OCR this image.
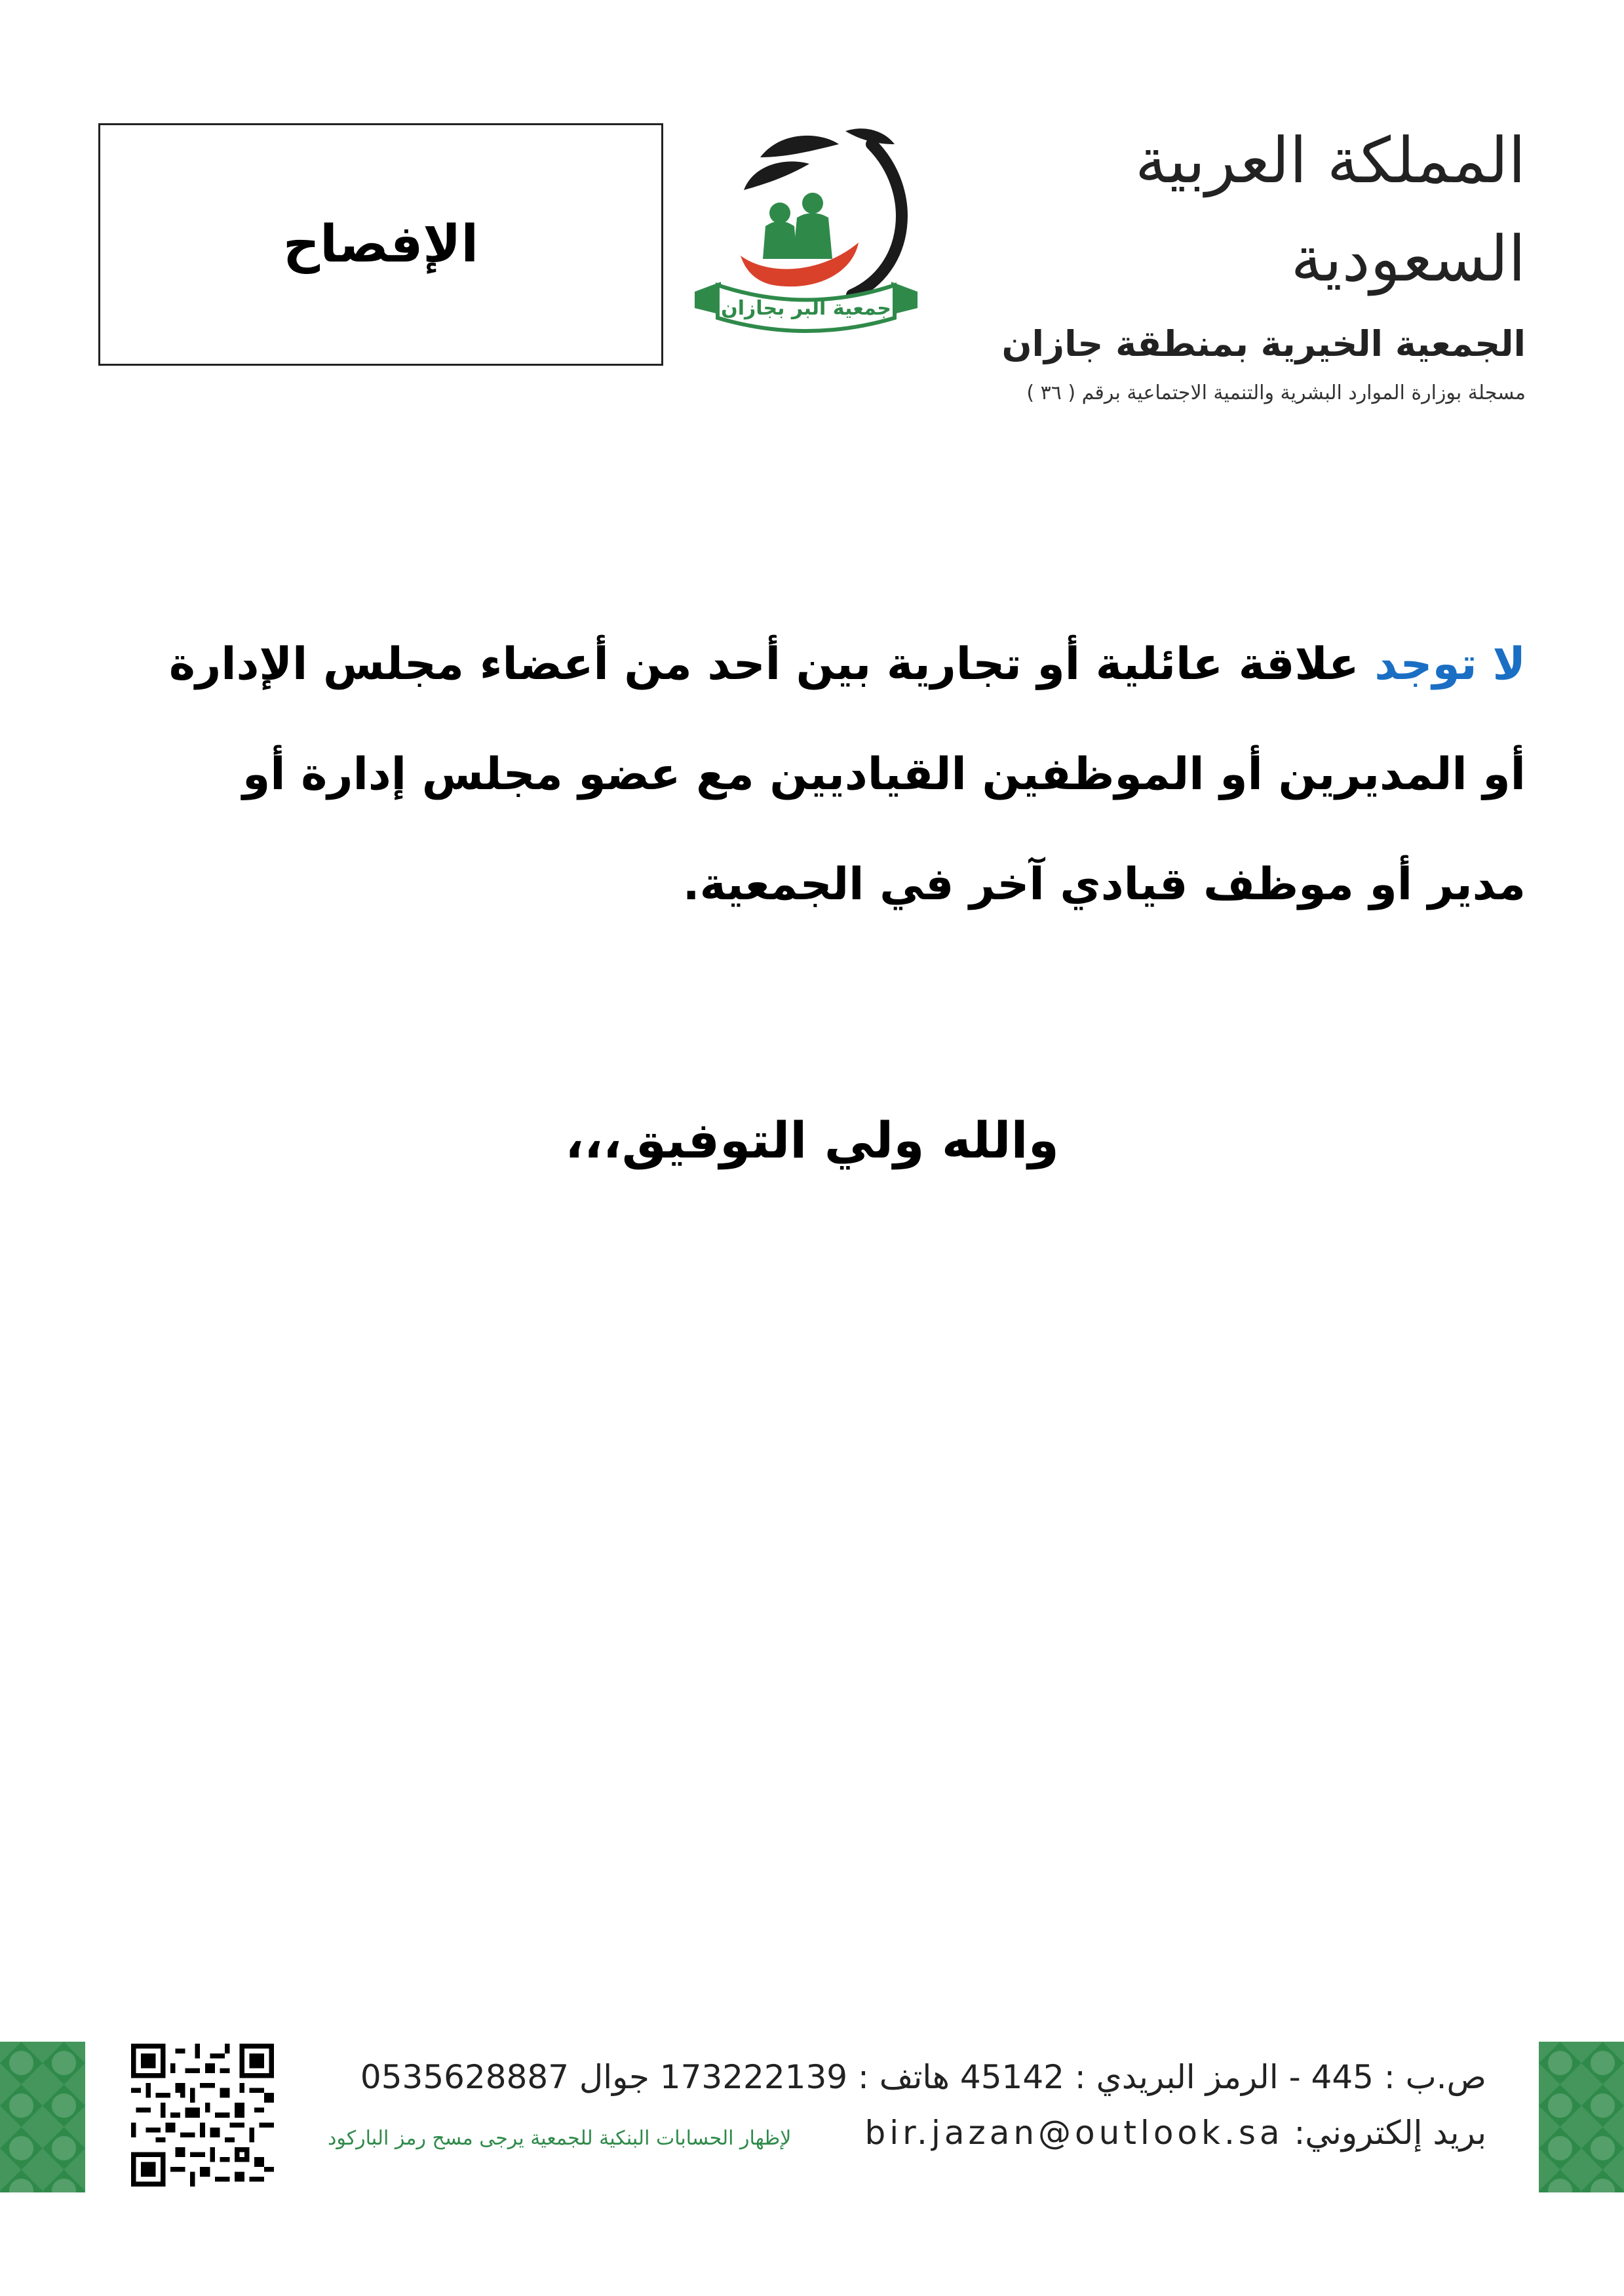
الإفصاح
جمعية البر بجازان
المملكة العربية السعودية
الجمعية الخيرية بمنطقة جازان
مسجلة بوزارة الموارد البشرية والتنمية الاجتماعية برقم ( ٣٦ )
لا توجد علاقة عائلية أو تجارية بين أحد من أعضاء مجلس الإدارة أو المديرين أو الموظفين القياديين مع عضو مجلس إدارة أو مدير أو موظف قيادي آخر في الجمعية.
والله ولي التوفيق،،،
ص.ب : 445 - الرمز البريدي : 45142 هاتف : 173222139 جوال 0535628887
بريد إلكتروني: bir.jazan@outlook.sa
لإظهار الحسابات البنكية للجمعية يرجى مسح رمز الباركود
